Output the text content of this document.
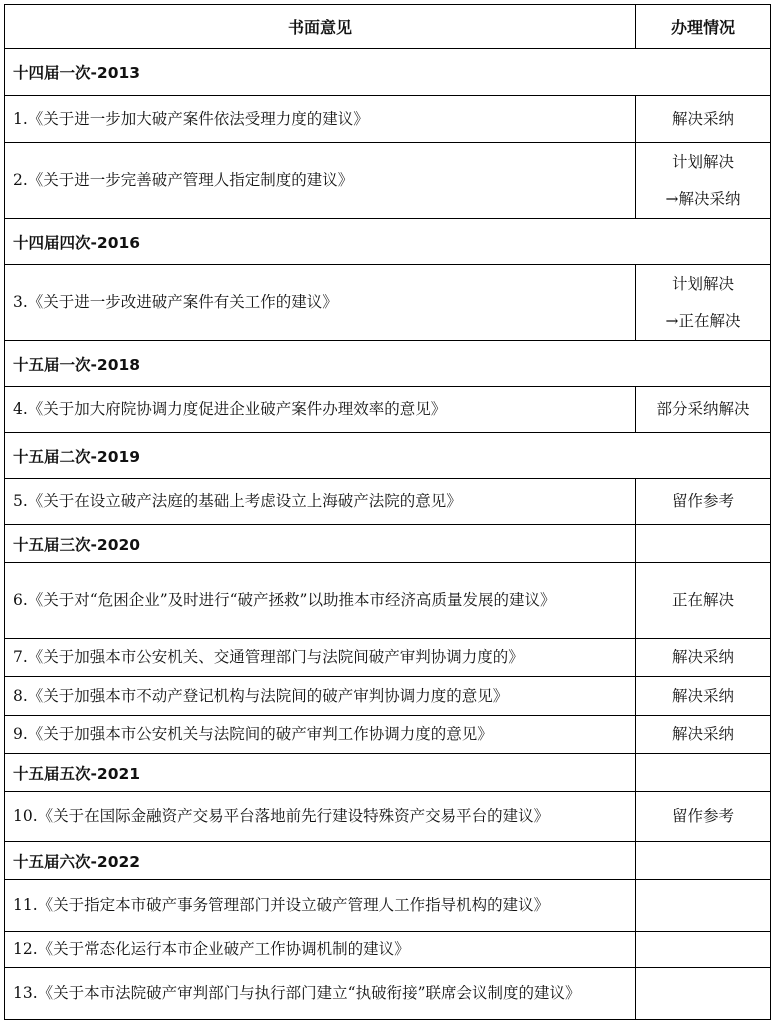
书面意见	办理情况
十四届一次-2013	
1.《关于进一步加大破产案件依法受理力度的建议》	解决采纳
2.《关于进一步完善破产管理人指定制度的建议》	计划解决
→解决采纳

十四届四次-2016	
3.《关于进一步改进破产案件有关工作的建议》	计划解决
→正在解决

十五届一次-2018	
4.《关于加大府院协调力度促进企业破产案件办理效率的意见》	部分采纳解决
十五届二次-2019	
5.《关于在设立破产法庭的基础上考虑设立上海破产法院的意见》	留作参考
十五届三次-2020	
6.《关于对“危困企业”及时进行“破产拯救”以助推本市经济高质量发展的建议》	正在解决
7.《关于加强本市公安机关、交通管理部门与法院间破产审判协调力度的》	解决采纳
8.《关于加强本市不动产登记机构与法院间的破产审判协调力度的意见》	解决采纳
9.《关于加强本市公安机关与法院间的破产审判工作协调力度的意见》	解决采纳
十五届五次-2021	
10.《关于在国际金融资产交易平台落地前先行建设特殊资产交易平台的建议》	留作参考
十五届六次-2022	
11.《关于指定本市破产事务管理部门并设立破产管理人工作指导机构的建议》	
12.《关于常态化运行本市企业破产工作协调机制的建议》	
13.《关于本市法院破产审判部门与执行部门建立“执破衔接”联席会议制度的建议》	
